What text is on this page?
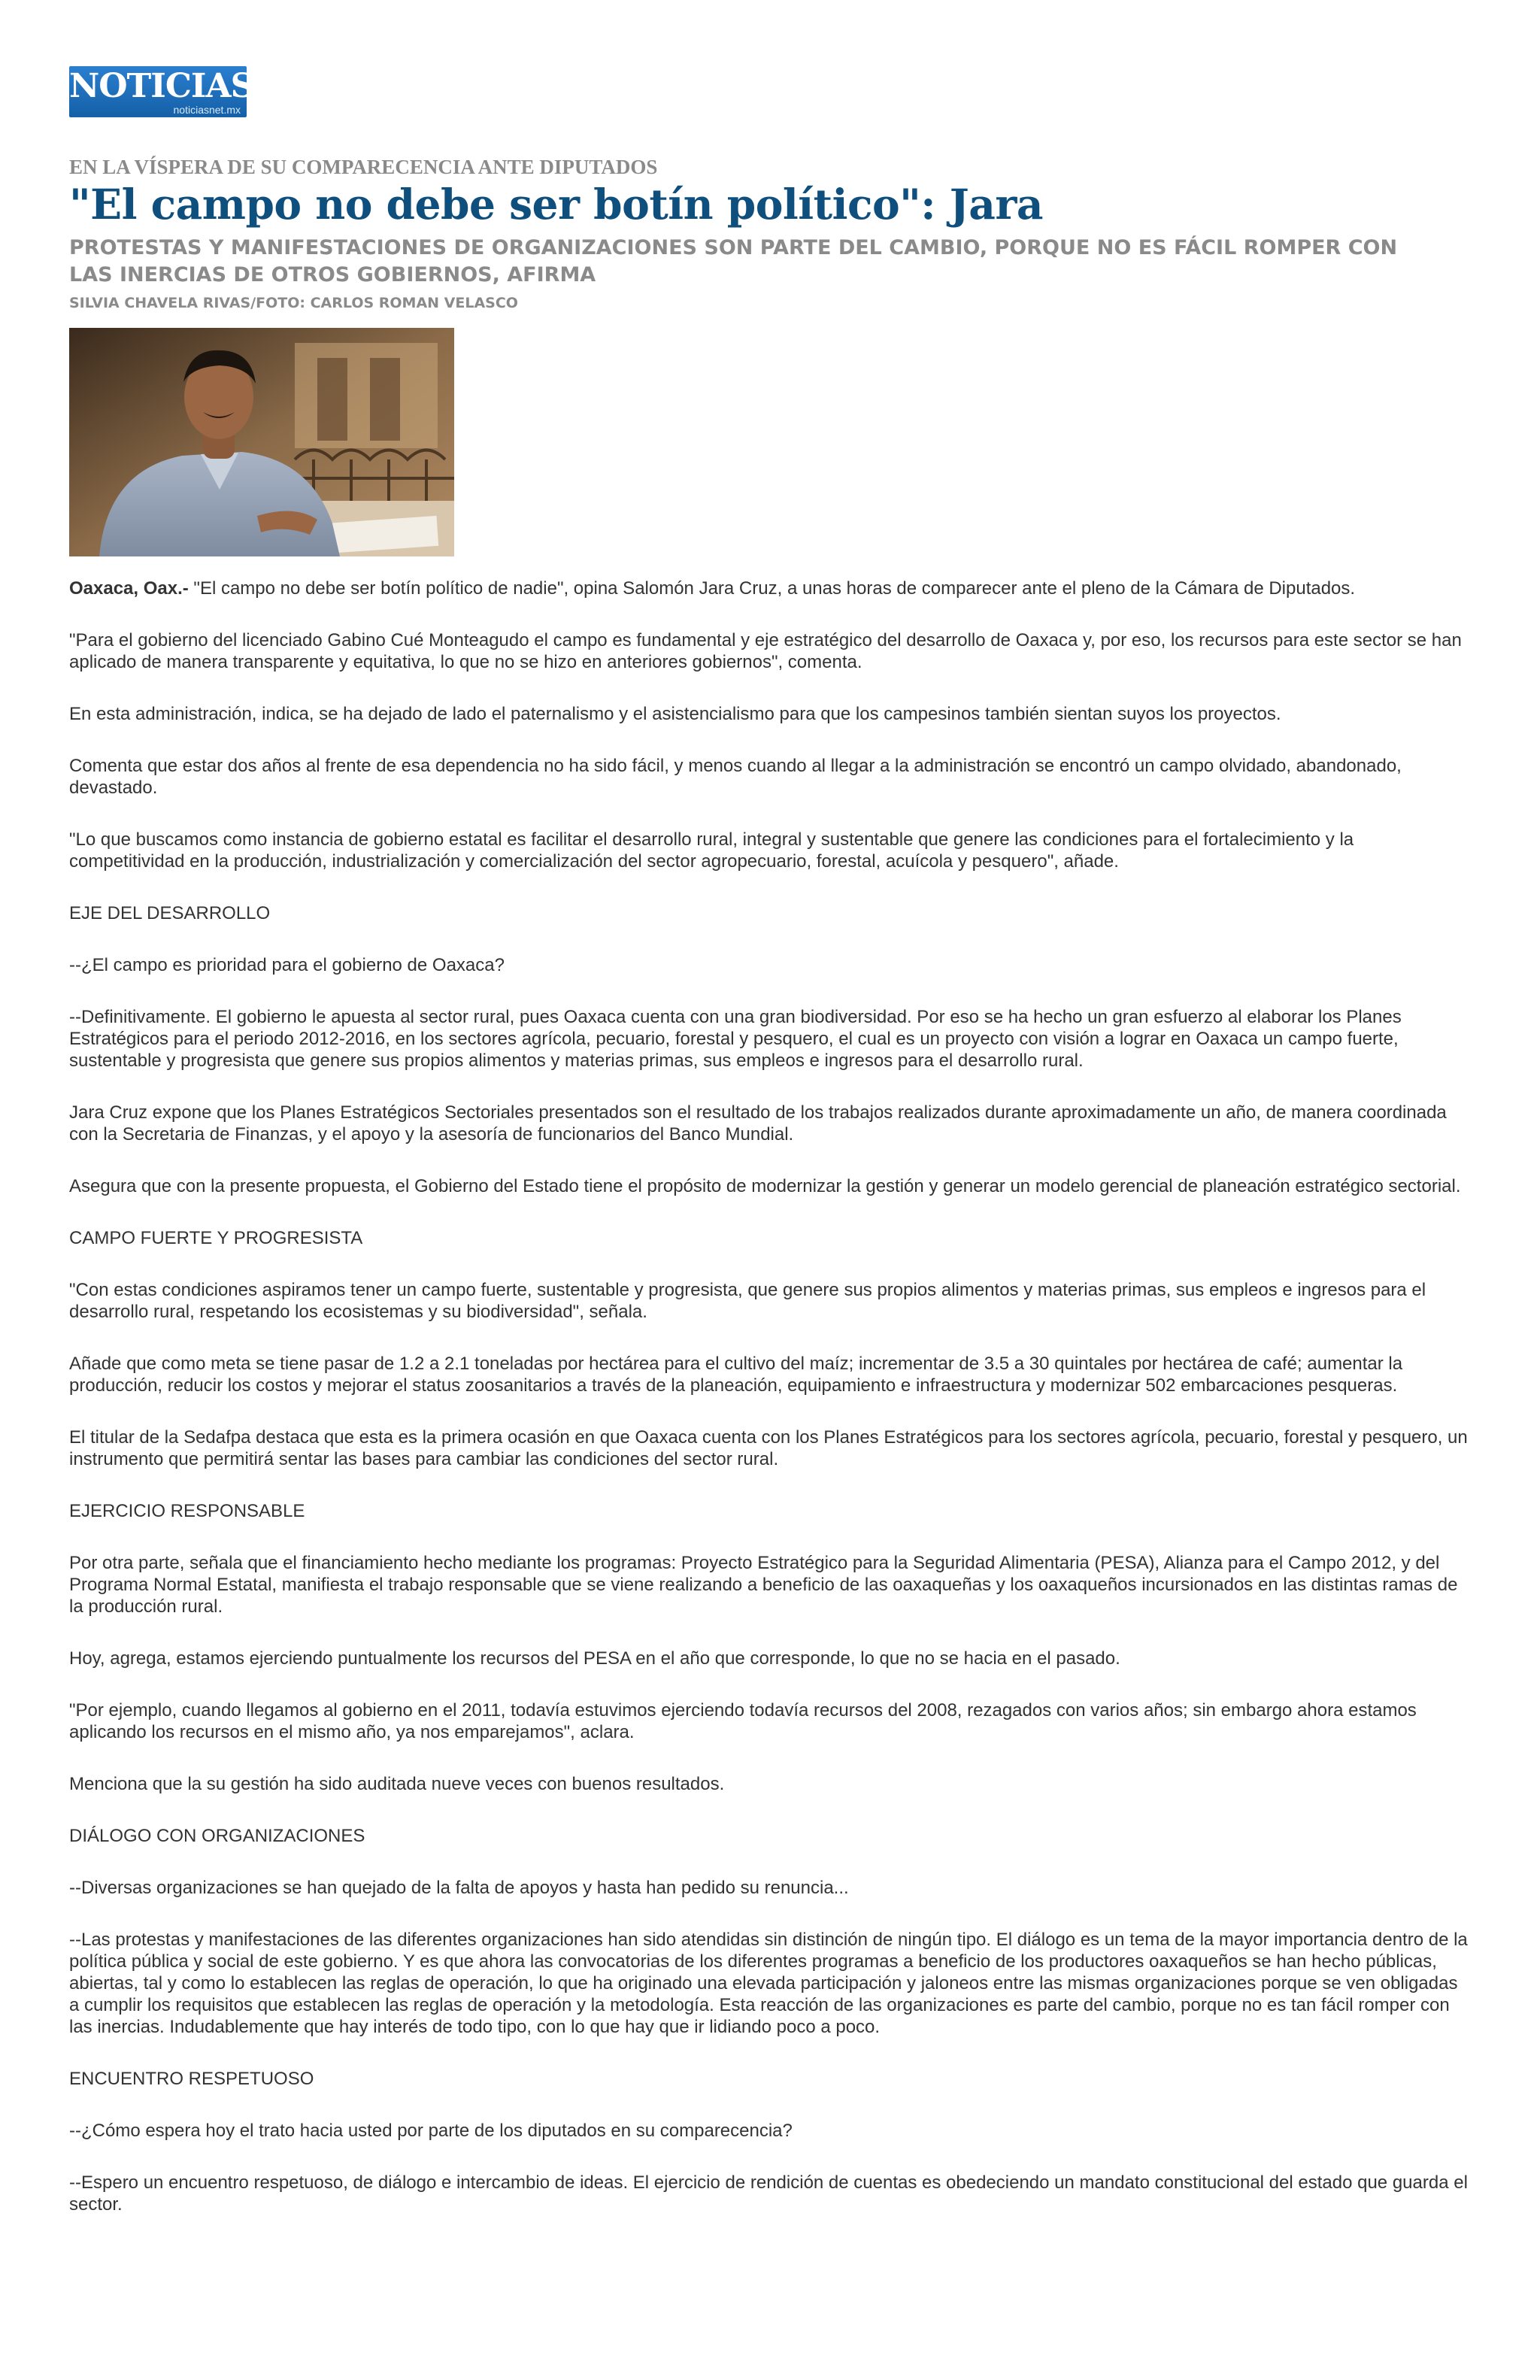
NOTICIAS
noticiasnet.mx
EN LA VÍSPERA DE SU COMPARECENCIA ANTE DIPUTADOS
"El campo no debe ser botín político": Jara
PROTESTAS Y MANIFESTACIONES DE ORGANIZACIONES SON PARTE DEL CAMBIO, PORQUE NO ES FÁCIL ROMPER CON LAS INERCIAS DE OTROS GOBIERNOS, AFIRMA
SILVIA CHAVELA RIVAS/FOTO: CARLOS ROMAN VELASCO

Oaxaca, Oax.- "El campo no debe ser botín político de nadie", opina Salomón Jara Cruz, a unas horas de comparecer ante el pleno de la Cámara de Diputados.

"Para el gobierno del licenciado Gabino Cué Monteagudo el campo es fundamental y eje estratégico del desarrollo de Oaxaca y, por eso, los recursos para este sector se han aplicado de manera transparente y equitativa, lo que no se hizo en anteriores gobiernos", comenta.

En esta administración, indica, se ha dejado de lado el paternalismo y el asistencialismo para que los campesinos también sientan suyos los proyectos.

Comenta que estar dos años al frente de esa dependencia no ha sido fácil, y menos cuando al llegar a la administración se encontró un campo olvidado, abandonado, devastado.

"Lo que buscamos como instancia de gobierno estatal es facilitar el desarrollo rural, integral y sustentable que genere las condiciones para el fortalecimiento y la competitividad en la producción, industrialización y comercialización del sector agropecuario, forestal, acuícola y pesquero", añade.

EJE DEL DESARROLLO

--¿El campo es prioridad para el gobierno de Oaxaca?

--Definitivamente. El gobierno le apuesta al sector rural, pues Oaxaca cuenta con una gran biodiversidad. Por eso se ha hecho un gran esfuerzo al elaborar los Planes Estratégicos para el periodo 2012-2016, en los sectores agrícola, pecuario, forestal y pesquero, el cual es un proyecto con visión a lograr en Oaxaca un campo fuerte, sustentable y progresista que genere sus propios alimentos y materias primas, sus empleos e ingresos para el desarrollo rural.

Jara Cruz expone que los Planes Estratégicos Sectoriales presentados son el resultado de los trabajos realizados durante aproximadamente un año, de manera coordinada con la Secretaria de Finanzas, y el apoyo y la asesoría de funcionarios del Banco Mundial.

Asegura que con la presente propuesta, el Gobierno del Estado tiene el propósito de modernizar la gestión y generar un modelo gerencial de planeación estratégico sectorial.

CAMPO FUERTE Y PROGRESISTA

"Con estas condiciones aspiramos tener un campo fuerte, sustentable y progresista, que genere sus propios alimentos y materias primas, sus empleos e ingresos para el desarrollo rural, respetando los ecosistemas y su biodiversidad", señala.

Añade que como meta se tiene pasar de 1.2 a 2.1 toneladas por hectárea para el cultivo del maíz; incrementar de 3.5 a 30 quintales por hectárea de café; aumentar la producción, reducir los costos y mejorar el status zoosanitarios a través de la planeación, equipamiento e infraestructura y modernizar 502 embarcaciones pesqueras.

El titular de la Sedafpa destaca que esta es la primera ocasión en que Oaxaca cuenta con los Planes Estratégicos para los sectores agrícola, pecuario, forestal y pesquero, un instrumento que permitirá sentar las bases para cambiar las condiciones del sector rural.

EJERCICIO RESPONSABLE

Por otra parte, señala que el financiamiento hecho mediante los programas: Proyecto Estratégico para la Seguridad Alimentaria (PESA), Alianza para el Campo 2012, y del Programa Normal Estatal, manifiesta el trabajo responsable que se viene realizando a beneficio de las oaxaqueñas y los oaxaqueños incursionados en las distintas ramas de la producción rural.

Hoy, agrega, estamos ejerciendo puntualmente los recursos del PESA en el año que corresponde, lo que no se hacia en el pasado.

"Por ejemplo, cuando llegamos al gobierno en el 2011, todavía estuvimos ejerciendo todavía recursos del 2008, rezagados con varios años; sin embargo ahora estamos aplicando los recursos en el mismo año, ya nos emparejamos", aclara.

Menciona que la su gestión ha sido auditada nueve veces con buenos resultados.

DIÁLOGO CON ORGANIZACIONES

--Diversas organizaciones se han quejado de la falta de apoyos y hasta han pedido su renuncia...

--Las protestas y manifestaciones de las diferentes organizaciones han sido atendidas sin distinción de ningún tipo. El diálogo es un tema de la mayor importancia dentro de la política pública y social de este gobierno. Y es que ahora las convocatorias de los diferentes programas a beneficio de los productores oaxaqueños se han hecho públicas, abiertas, tal y como lo establecen las reglas de operación, lo que ha originado una elevada participación y jaloneos entre las mismas organizaciones porque se ven obligadas a cumplir los requisitos que establecen las reglas de operación y la metodología. Esta reacción de las organizaciones es parte del cambio, porque no es tan fácil romper con las inercias. Indudablemente que hay interés de todo tipo, con lo que hay que ir lidiando poco a poco.

ENCUENTRO RESPETUOSO

--¿Cómo espera hoy el trato hacia usted por parte de los diputados en su comparecencia?

--Espero un encuentro respetuoso, de diálogo e intercambio de ideas. El ejercicio de rendición de cuentas es obedeciendo un mandato constitucional del estado que guarda el sector.
